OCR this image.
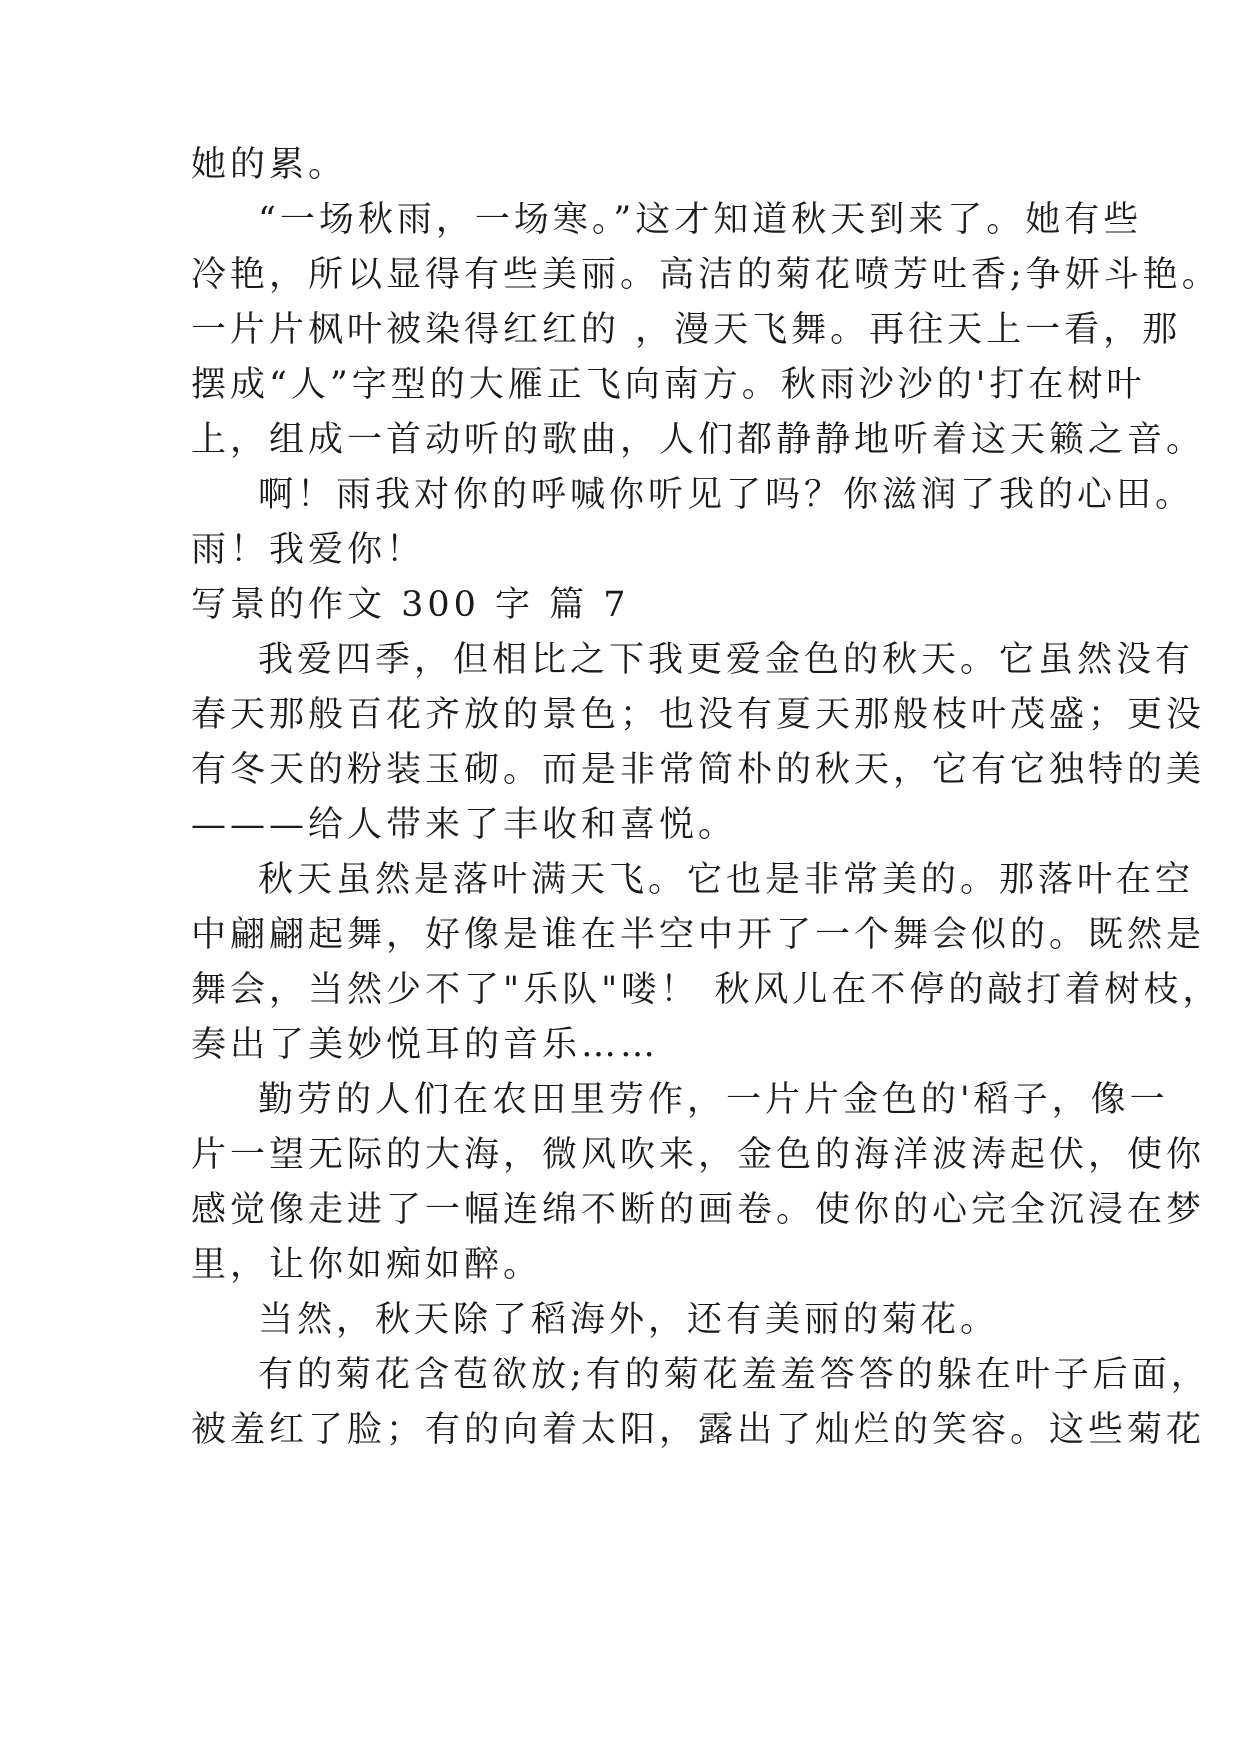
她的累。
“一场秋雨，一场寒。”这才知道秋天到来了。她有些
冷艳，所以显得有些美丽。高洁的菊花喷芳吐香;争妍斗艳。
一片片枫叶被染得红红的 ，漫天飞舞。再往天上一看，那
摆成“人”字型的大雁正飞向南方。秋雨沙沙的'打在树叶
上，组成一首动听的歌曲，人们都静静地听着这天籁之音。
啊！雨我对你的呼喊你听见了吗？你滋润了我的心田。
雨！我爱你！
写景的作文 300 字 篇 7
我爱四季，但相比之下我更爱金色的秋天。它虽然没有
春天那般百花齐放的景色；也没有夏天那般枝叶茂盛；更没
有冬天的粉装玉砌。而是非常简朴的秋天，它有它独特的美
———给人带来了丰收和喜悦。
秋天虽然是落叶满天飞。它也是非常美的。那落叶在空
中翩翩起舞，好像是谁在半空中开了一个舞会似的。既然是
舞会，当然少不了"乐队"喽！ 秋风儿在不停的敲打着树枝，
奏出了美妙悦耳的音乐……
勤劳的人们在农田里劳作，一片片金色的'稻子，像一
片一望无际的大海，微风吹来，金色的海洋波涛起伏，使你
感觉像走进了一幅连绵不断的画卷。使你的心完全沉浸在梦
里，让你如痴如醉。
当然，秋天除了稻海外，还有美丽的菊花。
有的菊花含苞欲放;有的菊花羞羞答答的躲在叶子后面，
被羞红了脸；有的向着太阳，露出了灿烂的笑容。这些菊花
